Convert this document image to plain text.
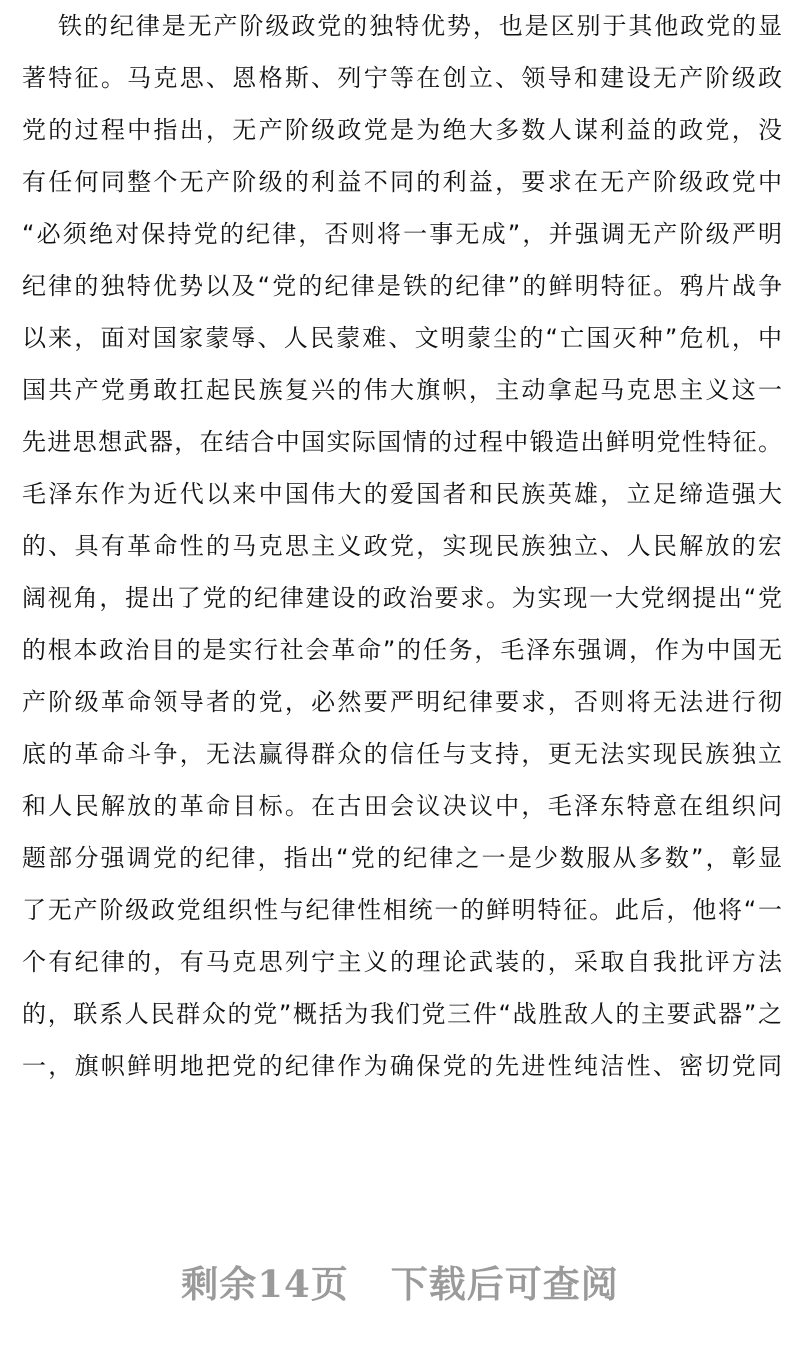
铁的纪律是无产阶级政党的独特优势，也是区别于其他政党的显
著特征。马克思、恩格斯、列宁等在创立、领导和建设无产阶级政
党的过程中指出，无产阶级政党是为绝大多数人谋利益的政党，没
有任何同整个无产阶级的利益不同的利益，要求在无产阶级政党中
“必须绝对保持党的纪律，否则将一事无成”，并强调无产阶级严明
纪律的独特优势以及“党的纪律是铁的纪律”的鲜明特征。鸦片战争
以来，面对国家蒙辱、人民蒙难、文明蒙尘的“亡国灭种”危机，中
国共产党勇敢扛起民族复兴的伟大旗帜，主动拿起马克思主义这一
先进思想武器，在结合中国实际国情的过程中锻造出鲜明党性特征。
毛泽东作为近代以来中国伟大的爱国者和民族英雄，立足缔造强大
的、具有革命性的马克思主义政党，实现民族独立、人民解放的宏
阔视角，提出了党的纪律建设的政治要求。为实现一大党纲提出“党
的根本政治目的是实行社会革命”的任务，毛泽东强调，作为中国无
产阶级革命领导者的党，必然要严明纪律要求，否则将无法进行彻
底的革命斗争，无法赢得群众的信任与支持，更无法实现民族独立
和人民解放的革命目标。在古田会议决议中，毛泽东特意在组织问
题部分强调党的纪律，指出“党的纪律之一是少数服从多数”，彰显
了无产阶级政党组织性与纪律性相统一的鲜明特征。此后，他将“一
个有纪律的，有马克思列宁主义的理论武装的，采取自我批评方法
的，联系人民群众的党”概括为我们党三件“战胜敌人的主要武器”之
一，旗帜鲜明地把党的纪律作为确保党的先进性纯洁性、密切党同
剩余14页 下载后可查阅
